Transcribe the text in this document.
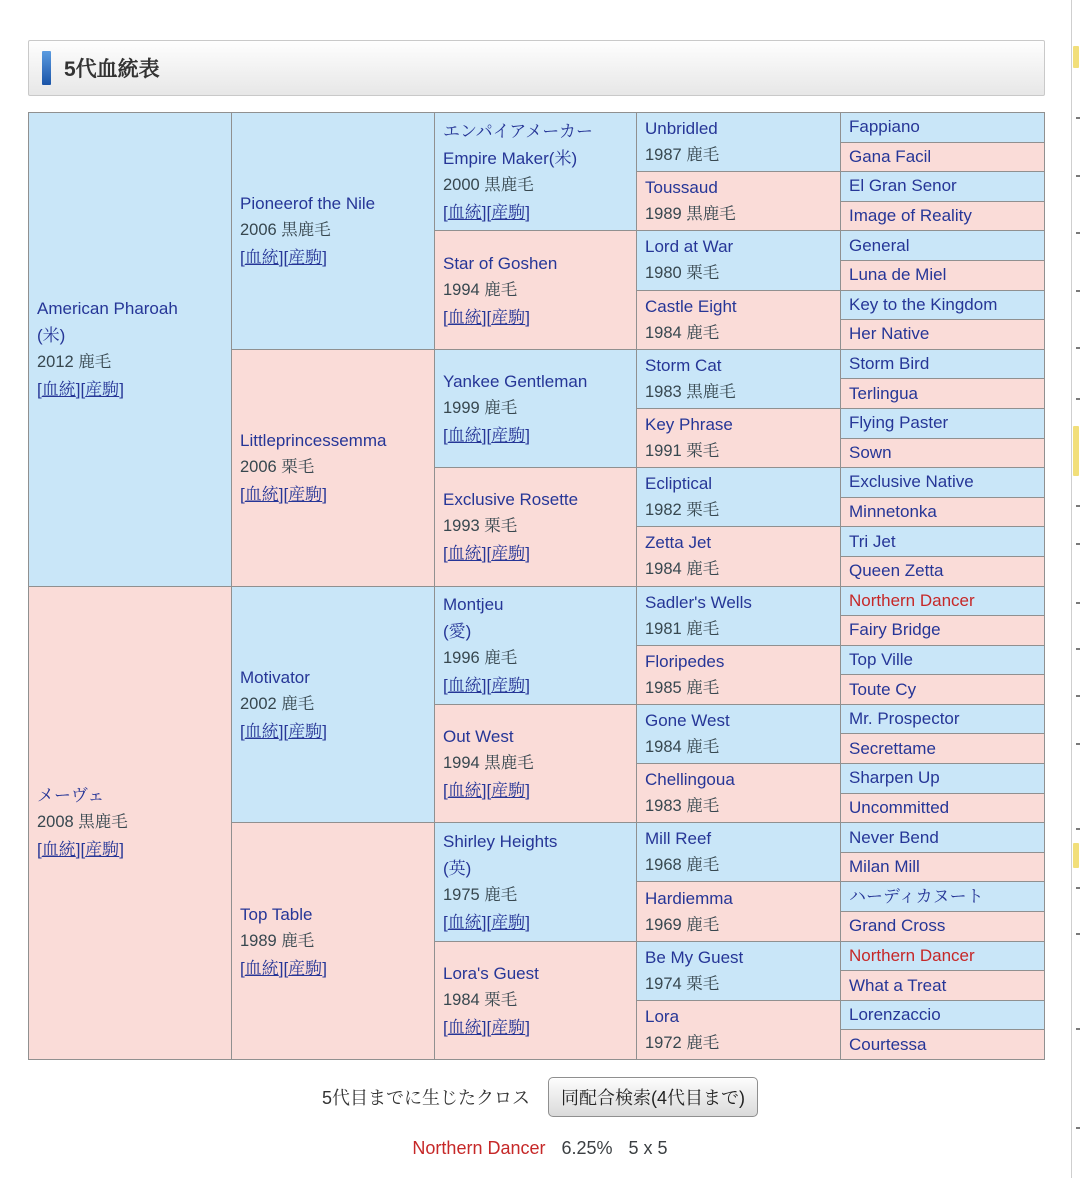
5代血統表
American Pharoah
(米)
2012 鹿毛
[血統][産駒]
メーヴェ
2008 黒鹿毛
[血統][産駒]
Pioneerof the Nile
2006 黒鹿毛
[血統][産駒]
Littleprincessemma
2006 栗毛
[血統][産駒]
Motivator
2002 鹿毛
[血統][産駒]
Top Table
1989 鹿毛
[血統][産駒]
エンパイアメーカー
Empire Maker(米)
2000 黒鹿毛
[血統][産駒]
Star of Goshen
1994 鹿毛
[血統][産駒]
Yankee Gentleman
1999 鹿毛
[血統][産駒]
Exclusive Rosette
1993 栗毛
[血統][産駒]
Montjeu
(愛)
1996 鹿毛
[血統][産駒]
Out West
1994 黒鹿毛
[血統][産駒]
Shirley Heights
(英)
1975 鹿毛
[血統][産駒]
Lora's Guest
1984 栗毛
[血統][産駒]
Unbridled
1987 鹿毛
Toussaud
1989 黒鹿毛
Lord at War
1980 栗毛
Castle Eight
1984 鹿毛
Storm Cat
1983 黒鹿毛
Key Phrase
1991 栗毛
Ecliptical
1982 栗毛
Zetta Jet
1984 鹿毛
Sadler's Wells
1981 鹿毛
Floripedes
1985 鹿毛
Gone West
1984 鹿毛
Chellingoua
1983 鹿毛
Mill Reef
1968 鹿毛
Hardiemma
1969 鹿毛
Be My Guest
1974 栗毛
Lora
1972 鹿毛
Fappiano
Gana Facil
El Gran Senor
Image of Reality
General
Luna de Miel
Key to the Kingdom
Her Native
Storm Bird
Terlingua
Flying Paster
Sown
Exclusive Native
Minnetonka
Tri Jet
Queen Zetta
Northern Dancer
Fairy Bridge
Top Ville
Toute Cy
Mr. Prospector
Secrettame
Sharpen Up
Uncommitted
Never Bend
Milan Mill
ハーディカヌート
Grand Cross
Northern Dancer
What a Treat
Lorenzaccio
Courtessa
5代目までに生じたクロス	同配合検索(4代目まで)
Northern Dancer 6.25% 5 x 5
